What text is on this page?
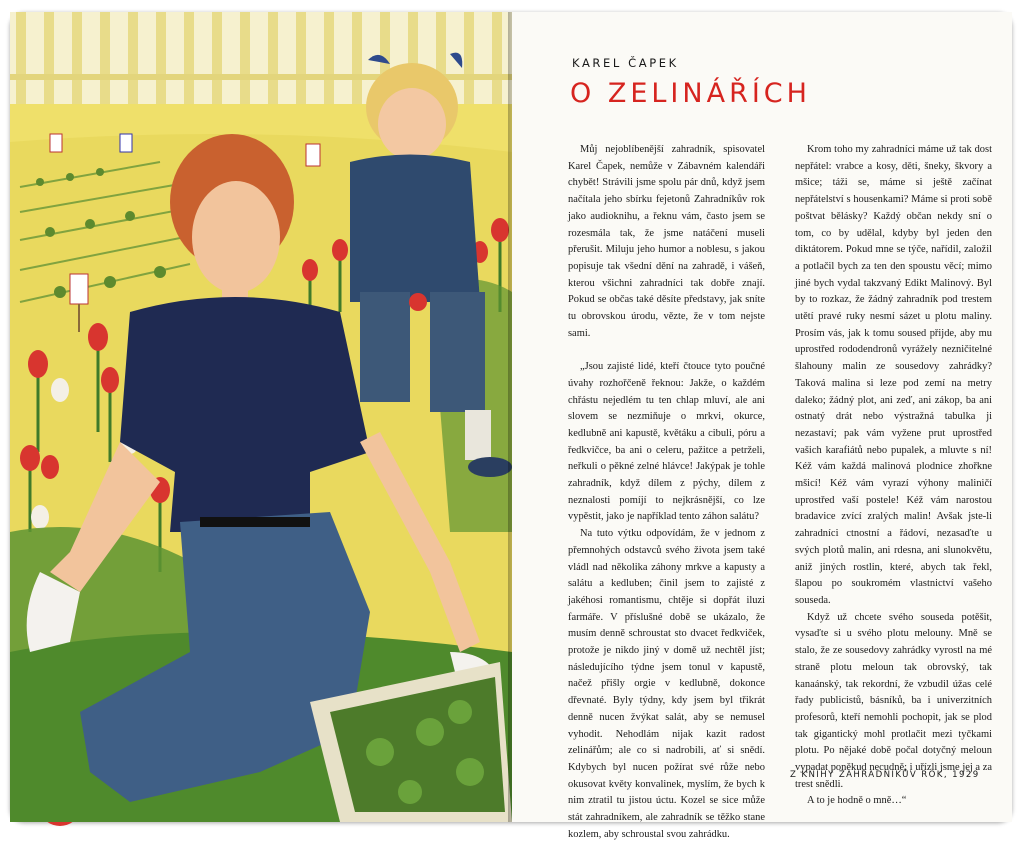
KAREL ČAPEK
O ZELINÁŘÍCH

Můj nejoblíbenější zahradník, spisovatel Karel Čapek, nemůže v Zábavném kalendáři chybět! Strávili jsme spolu pár dnů, když jsem načítala jeho sbírku fejetonů Zahradníkův rok jako audioknihu, a řeknu vám, často jsem se rozesmála tak, že jsme natáčení museli přerušit. Miluju jeho humor a noblesu, s jakou popisuje tak všední dění na zahradě, i vášeň, kterou všichni zahradníci tak dobře znají. Pokud se občas také děsíte představy, jak sníte tu obrovskou úrodu, vězte, že v tom nejste sami.

„Jsou zajisté lidé, kteří čtouce tyto poučné úvahy rozhořčeně řeknou: Jakže, o každém chřástu nejedlém tu ten chlap mluví, ale ani slovem se nezmiňuje o mrkvi, okurce, kedlubně ani kapustě, květáku a cibuli, póru a ředkvičce, ba ani o celeru, pažitce a petrželi, neřkuli o pěkné zelné hlávce! Jakýpak je tohle zahradník, když dílem z pýchy, dílem z neznalosti pomíjí to nejkrásnější, co lze vypěstit, jako je například tento záhon salátu?

Na tuto výtku odpovídám, že v jednom z přemnohých odstavců svého života jsem také vládl nad několika záhony mrkve a kapusty a salátu a kedluben; činil jsem to zajisté z jakéhosi romantismu, chtěje si dopřát iluzi farmáře. V příslušné době se ukázalo, že musím denně schroustat sto dvacet ředkviček, protože je nikdo jiný v domě už nechtěl jíst; následujícího týdne jsem tonul v kapustě, načež přišly orgie v kedlubně, dokonce dřevnaté. Byly týdny, kdy jsem byl třikrát denně nucen žvýkat salát, aby se nemusel vyhodit. Nehodlám nijak kazit radost zelinářům; ale co si nadrobili, ať si snědí. Kdybych byl nucen požírat své růže nebo okusovat květy konvalinek, myslím, že bych k nim ztratil tu jistou úctu. Kozel se sice může stát zahradníkem, ale zahradník se těžko stane kozlem, aby schroustal svou zahrádku.

Krom toho my zahradníci máme už tak dost nepřátel: vrabce a kosy, děti, šneky, škvory a mšice; táži se, máme si ještě začínat nepřátelství s housenkami? Máme si proti sobě poštvat bělásky? Každý občan nekdy sní o tom, co by udělal, kdyby byl jeden den diktátorem. Pokud mne se týče, nařídil, založil a potlačil bych za ten den spoustu věcí; mimo jiné bych vydal takzvaný Edikt Malinový. Byl by to rozkaz, že žádný zahradník pod trestem utětí pravé ruky nesmí sázet u plotu maliny. Prosím vás, jak k tomu soused přijde, aby mu uprostřed rododendronů vyrážely nezničitelné šlahouny malin ze sousedovy zahrádky? Taková malina si leze pod zemí na metry daleko; žádný plot, ani zeď, ani zákop, ba ani ostnatý drát nebo výstražná tabulka ji nezastaví; pak vám vyžene prut uprostřed vašich karafiátů nebo pupalek, a mluvte s ní! Kéž vám každá malinová plodnice zhořkne mšicí! Kéž vám vyrazí výhony maliničí uprostřed vaší postele! Kéž vám narostou bradavice zvící zralých malin! Avšak jste-li zahradníci ctnostní a řádoví, nezasaďte u svých plotů malin, ani rdesna, ani slunokvětu, aniž jiných rostlin, které, abych tak řekl, šlapou po soukromém vlastnictví vašeho souseda.

Když už chcete svého souseda potěšit, vysaďte si u svého plotu melouny. Mně se stalo, že ze sousedovy zahrádky vyrostl na mé straně plotu meloun tak obrovský, tak kanaánský, tak rekordní, že vzbudil úžas celé řady publicistů, básníků, ba i univerzitních profesorů, kteří nemohli pochopit, jak se plod tak gigantický mohl protlačit mezi tyčkami plotu. Po nějaké době počal dotyčný meloun vypadat poněkud necudně; i uřízli jsme jej a za trest snědli.

A to je hodně o mně…“

Z KNIHY ZAHRADNÍKŮV ROK, 1929
